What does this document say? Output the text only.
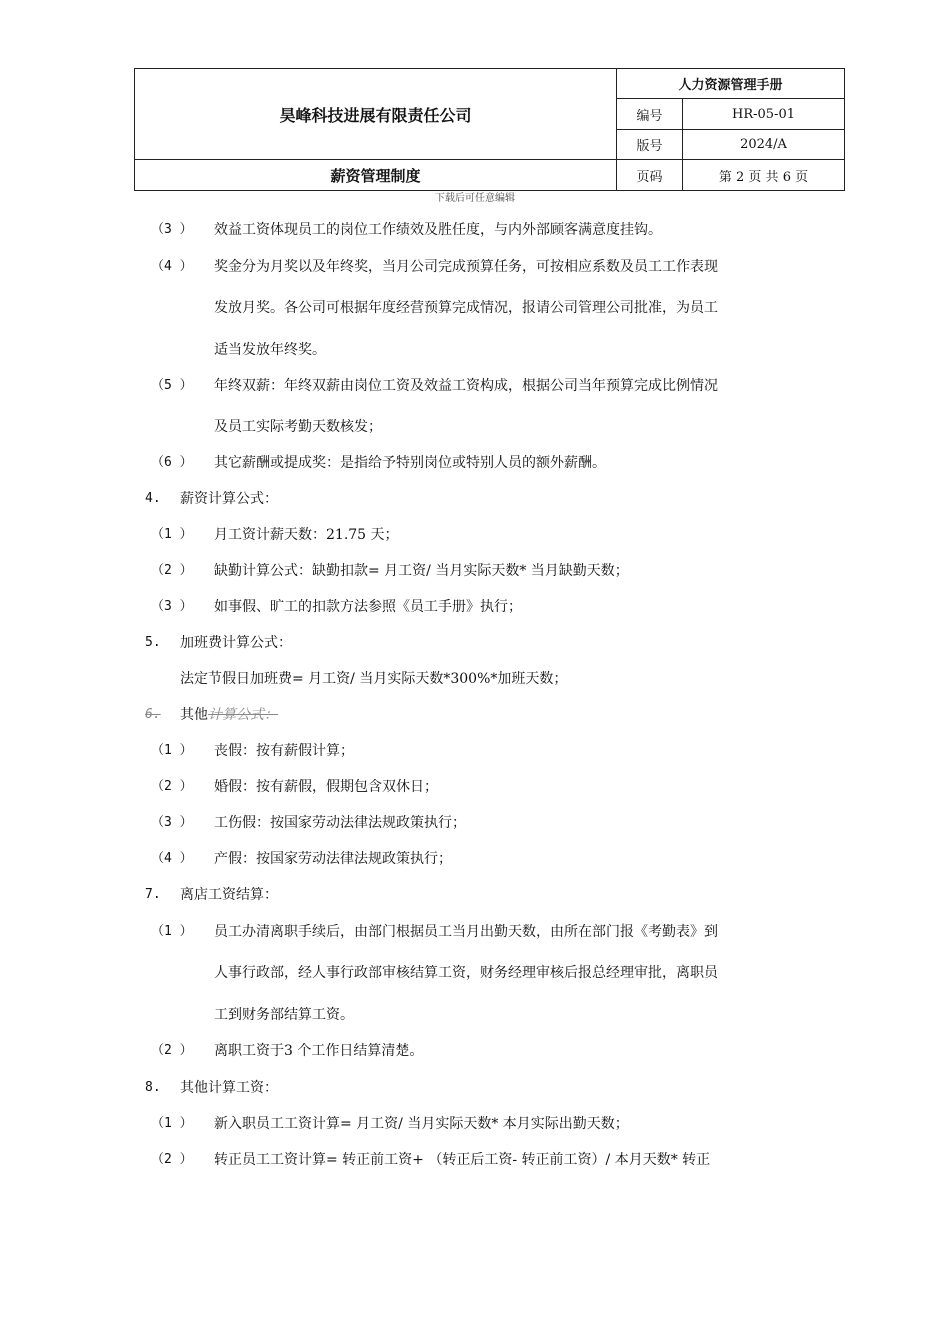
昊峰科技进展有限责任公司	人力资源管理手册	
	编号	HR-05-01
	版号	2024/A
薪资管理制度	页码	第 2 页 共 6 页
下载后可任意编辑
（3 ）	效益工资体现员工的岗位工作绩效及胜任度，与内外部顾客满意度挂钩。
（4 ）	奖金分为月奖以及年终奖，当月公司完成预算任务，可按相应系数及员工工作表现
发放月奖。各公司可根据年度经营预算完成情况，报请公司管理公司批准，为员工
适当发放年终奖。
（5 ）	年终双薪：年终双薪由岗位工资及效益工资构成，根据公司当年预算完成比例情况
及员工实际考勤天数核发；
（6 ）	其它薪酬或提成奖：是指给予特别岗位或特别人员的额外薪酬。
4.	薪资计算公式：
（1 ）	月工资计薪天数：21.75 天；
（2 ）	缺勤计算公式：缺勤扣款= 月工资/ 当月实际天数* 当月缺勤天数；
（3 ）	如事假、旷工的扣款方法参照《员工手册》执行；
5.	加班费计算公式：
法定节假日加班费= 月工资/ 当月实际天数*300%*加班天数；
6.	其他计算公式：
（1 ）	丧假：按有薪假计算；
（2 ）	婚假：按有薪假，假期包含双休日；
（3 ）	工伤假：按国家劳动法律法规政策执行；
（4 ）	产假：按国家劳动法律法规政策执行；
7.	离店工资结算：
（1 ）	员工办清离职手续后，由部门根据员工当月出勤天数，由所在部门报《考勤表》到
人事行政部，经人事行政部审核结算工资，财务经理审核后报总经理审批，离职员
工到财务部结算工资。
（2 ）	离职工资于3 个工作日结算清楚。
8.	其他计算工资：
（1 ）	新入职员工工资计算= 月工资/ 当月实际天数* 本月实际出勤天数；
（2 ）	转正员工工资计算= 转正前工资+ （转正后工资- 转正前工资）/ 本月天数* 转正
